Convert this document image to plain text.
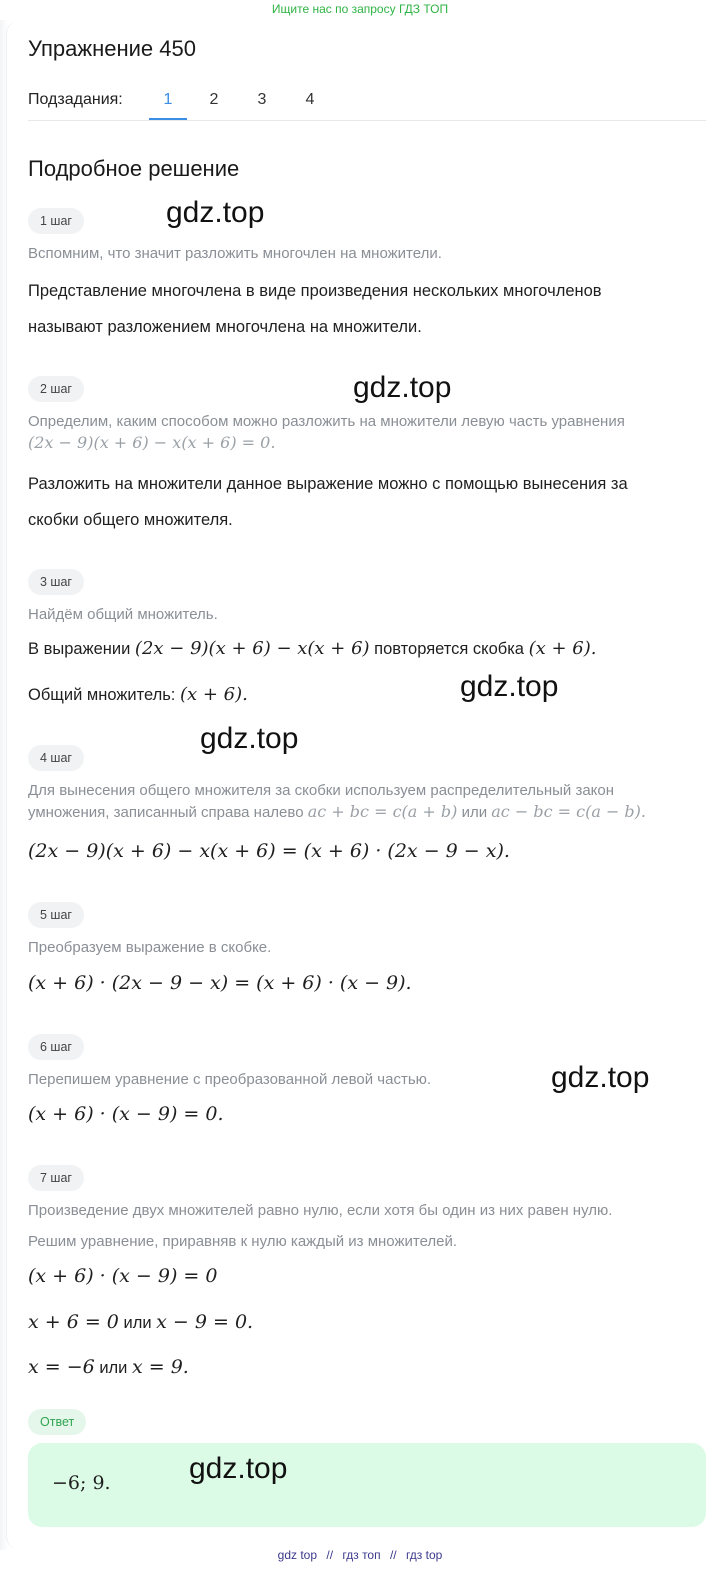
Ищите нас по запросу ГДЗ ТОП
Упражнение 450
Подзадания:	1	2	3	4
Подробное решение
1 шаг	gdz.top
Вспомним, что значит разложить многочлен на множители.
Представление многочлена в виде произведения нескольких многочленов
называют разложением многочлена на множители.
2 шаг	gdz.top
Определим, каким способом можно разложить на множители левую часть уравнения
(2x − 9)(x + 6) − x(x + 6) = 0.
Разложить на множители данное выражение можно с помощью вынесения за
скобки общего множителя.
3 шаг
Найдём общий множитель.
В выражении (2x − 9)(x + 6) − x(x + 6) повторяется скобка (x + 6).
Общий множитель: (x + 6).	gdz.top
gdz.top
4 шаг
Для вынесения общего множителя за скобки используем распределительный закон
умножения, записанный справа налево ac + bc = c(a + b) или ac − bc = c(a − b).
(2x − 9)(x + 6) − x(x + 6) = (x + 6) · (2x − 9 − x).
5 шаг
Преобразуем выражение в скобке.
(x + 6) · (2x − 9 − x) = (x + 6) · (x − 9).
6 шаг
Перепишем уравнение с преобразованной левой частью.	gdz.top
(x + 6) · (x − 9) = 0.
7 шаг
Произведение двух множителей равно нулю, если хотя бы один из них равен нулю.
Решим уравнение, приравняв к нулю каждый из множителей.
(x + 6) · (x − 9) = 0
x + 6 = 0 или x − 9 = 0.
x = −6 или x = 9.
Ответ
−6; 9.	gdz.top
gdz top // гдз топ // гдз top
